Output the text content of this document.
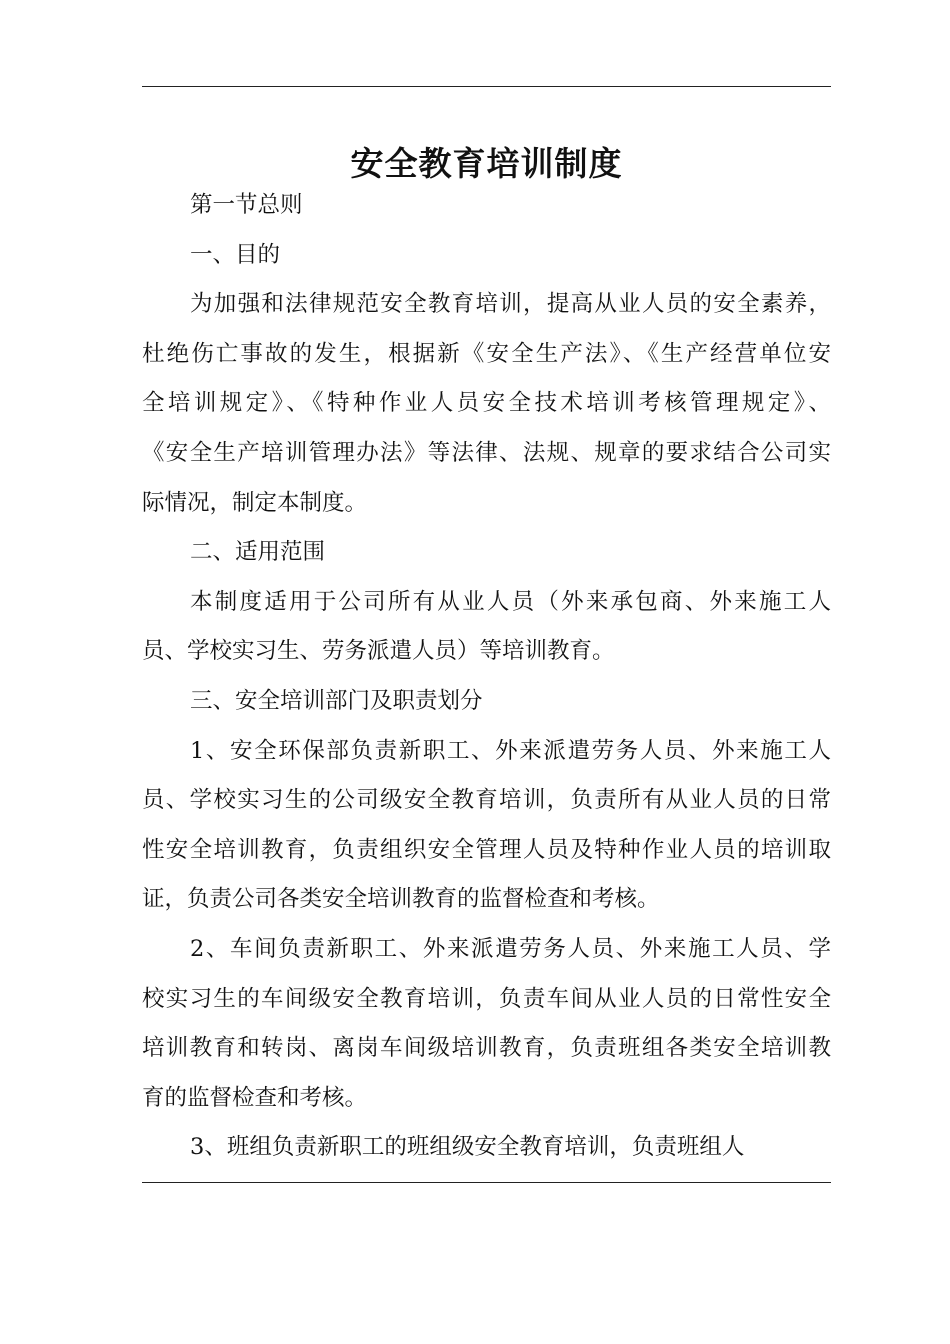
安全教育培训制度

第一节总则

一、目的

为加强和法律规范安全教育培训，提高从业人员的安全素养，

杜绝伤亡事故的发生，根据新《安全生产法》、《生产经营单位安

全培训规定》、《特种作业人员安全技术培训考核管理规定》、

《安全生产培训管理办法》等法律、法规、规章的要求结合公司实

际情况，制定本制度。

二、适用范围

本制度适用于公司所有从业人员（外来承包商、外来施工人

员、学校实习生、劳务派遣人员）等培训教育。

三、安全培训部门及职责划分

1、安全环保部负责新职工、外来派遣劳务人员、外来施工人

员、学校实习生的公司级安全教育培训，负责所有从业人员的日常

性安全培训教育，负责组织安全管理人员及特种作业人员的培训取

证，负责公司各类安全培训教育的监督检查和考核。

2、车间负责新职工、外来派遣劳务人员、外来施工人员、学

校实习生的车间级安全教育培训，负责车间从业人员的日常性安全

培训教育和转岗、离岗车间级培训教育，负责班组各类安全培训教

育的监督检查和考核。

3、班组负责新职工的班组级安全教育培训，负责班组人
